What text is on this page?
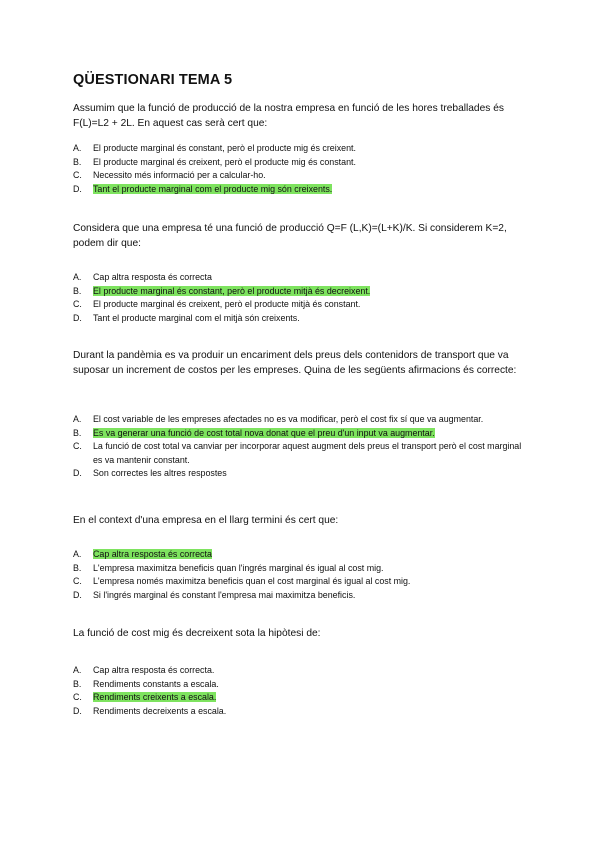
QÜESTIONARI TEMA 5
Assumim que la funció de producció de la nostra empresa en funció de les hores treballades és F(L)=L2 + 2L. En aquest cas serà cert que:
A.	El producte marginal és constant, però el producte mig és creixent.
B.	El producte marginal és creixent, però el producte mig és constant.
C.	Necessito més informació per a calcular-ho.
D.	Tant el producte marginal com el producte mig són creixents.
Considera que una empresa té una funció de producció Q=F (L,K)=(L+K)/K. Si considerem K=2, podem dir que:
A.	Cap altra resposta és correcta
B.	El producte marginal és constant, però el producte mitjà és decreixent.
C.	El producte marginal és creixent, però el producte mitjà és constant.
D.	Tant el producte marginal com el mitjà són creixents.
Durant la pandèmia es va produir un encariment dels preus dels contenidors de transport que va suposar un increment de costos per les empreses. Quina de les següents afirmacions és correcte:
A.	El cost variable de les empreses afectades no es va modificar, però el cost fix sí que va augmentar.
B.	Es va generar una funció de cost total nova donat que el preu d'un input va augmentar.
C.	La funció de cost total va canviar per incorporar aquest augment dels preus el transport però el cost marginal es va mantenir constant.
D.	Son correctes les altres respostes
En el context d'una empresa en el llarg termini és cert que:
A.	Cap altra resposta és correcta
B.	L'empresa maximitza beneficis quan l'ingrés marginal és igual al cost mig.
C.	L'empresa només maximitza beneficis quan el cost marginal és igual al cost mig.
D.	Si l'ingrés marginal és constant l'empresa mai maximitza beneficis.
La funció de cost mig és decreixent sota la hipòtesi de:
A.	Cap altra resposta és correcta.
B.	Rendiments constants a escala.
C.	Rendiments creixents a escala.
D.	Rendiments decreixents a escala.
